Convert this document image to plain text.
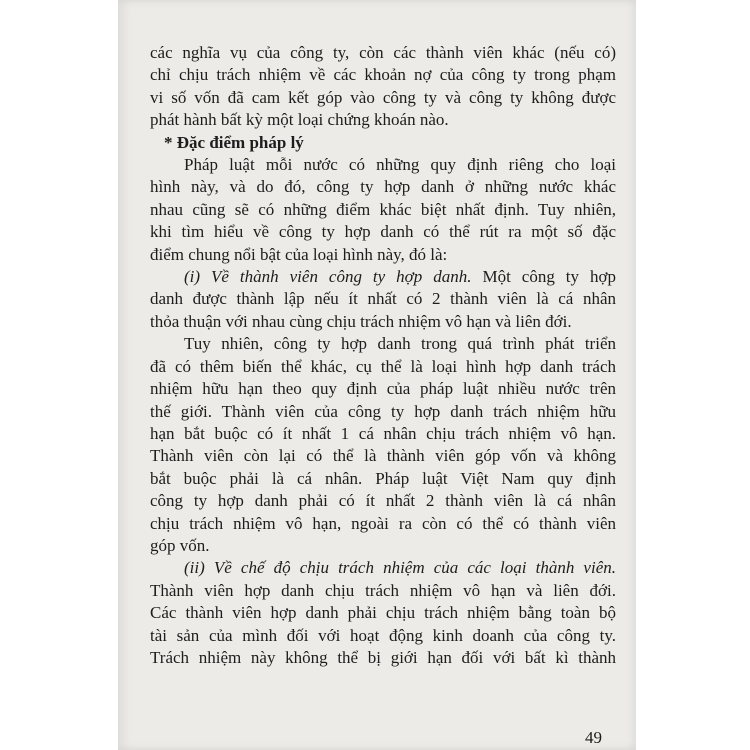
các nghĩa vụ của công ty, còn các thành viên khác (nếu có)
chỉ chịu trách nhiệm về các khoản nợ của công ty trong phạm
vi số vốn đã cam kết góp vào công ty và công ty không được
phát hành bất kỳ một loại chứng khoán nào.
* Đặc điểm pháp lý
Pháp luật mỗi nước có những quy định riêng cho loại
hình này, và do đó, công ty hợp danh ở những nước khác
nhau cũng sẽ có những điểm khác biệt nhất định. Tuy nhiên,
khi tìm hiểu về công ty hợp danh có thể rút ra một số đặc
điểm chung nổi bật của loại hình này, đó là:
(i) Về thành viên công ty hợp danh. Một công ty hợp
danh được thành lập nếu ít nhất có 2 thành viên là cá nhân
thỏa thuận với nhau cùng chịu trách nhiệm vô hạn và liên đới.
Tuy nhiên, công ty hợp danh trong quá trình phát triển
đã có thêm biến thể khác, cụ thể là loại hình hợp danh trách
nhiệm hữu hạn theo quy định của pháp luật nhiều nước trên
thế giới. Thành viên của công ty hợp danh trách nhiệm hữu
hạn bắt buộc có ít nhất 1 cá nhân chịu trách nhiệm vô hạn.
Thành viên còn lại có thể là thành viên góp vốn và không
bắt buộc phải là cá nhân. Pháp luật Việt Nam quy định
công ty hợp danh phải có ít nhất 2 thành viên là cá nhân
chịu trách nhiệm vô hạn, ngoài ra còn có thể có thành viên
góp vốn.
(ii) Về chế độ chịu trách nhiệm của các loại thành viên.
Thành viên hợp danh chịu trách nhiệm vô hạn và liên đới.
Các thành viên hợp danh phải chịu trách nhiệm bằng toàn bộ
tài sản của mình đối với hoạt động kinh doanh của công ty.
Trách nhiệm này không thể bị giới hạn đối với bất kì thành
49
